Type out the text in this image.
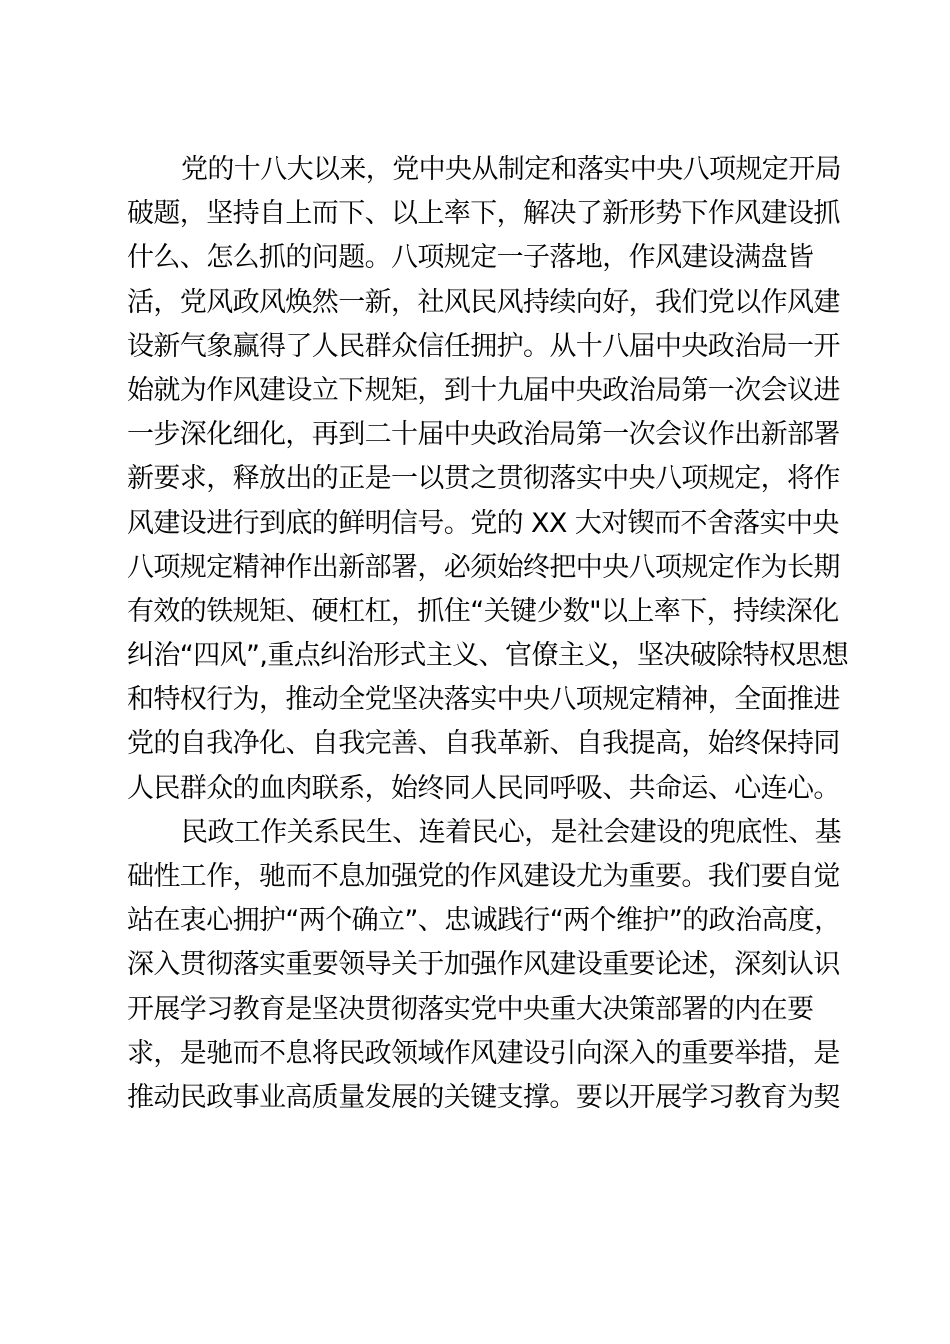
党的十八大以来，党中央从制定和落实中央八项规定开局
破题，坚持自上而下、以上率下，解决了新形势下作风建设抓
什么、怎么抓的问题。八项规定一子落地，作风建设满盘皆
活，党风政风焕然一新，社风民风持续向好，我们党以作风建
设新气象赢得了人民群众信任拥护。从十八届中央政治局一开
始就为作风建设立下规矩，到十九届中央政治局第一次会议进
一步深化细化，再到二十届中央政治局第一次会议作出新部署
新要求，释放出的正是一以贯之贯彻落实中央八项规定，将作
风建设进行到底的鲜明信号。党的 XX 大对锲而不舍落实中央
八项规定精神作出新部署，必须始终把中央八项规定作为长期
有效的铁规矩、硬杠杠，抓住“关键少数"以上率下，持续深化
纠治“四风”,重点纠治形式主义、官僚主义，坚决破除特权思想
和特权行为，推动全党坚决落实中央八项规定精神，全面推进
党的自我净化、自我完善、自我革新、自我提高，始终保持同
人民群众的血肉联系，始终同人民同呼吸、共命运、心连心。
民政工作关系民生、连着民心，是社会建设的兜底性、基
础性工作，驰而不息加强党的作风建设尤为重要。我们要自觉
站在衷心拥护“两个确立”、忠诚践行“两个维护”的政治高度，
深入贯彻落实重要领导关于加强作风建设重要论述，深刻认识
开展学习教育是坚决贯彻落实党中央重大决策部署的内在要
求，是驰而不息将民政领域作风建设引向深入的重要举措，是
推动民政事业高质量发展的关键支撑。要以开展学习教育为契
